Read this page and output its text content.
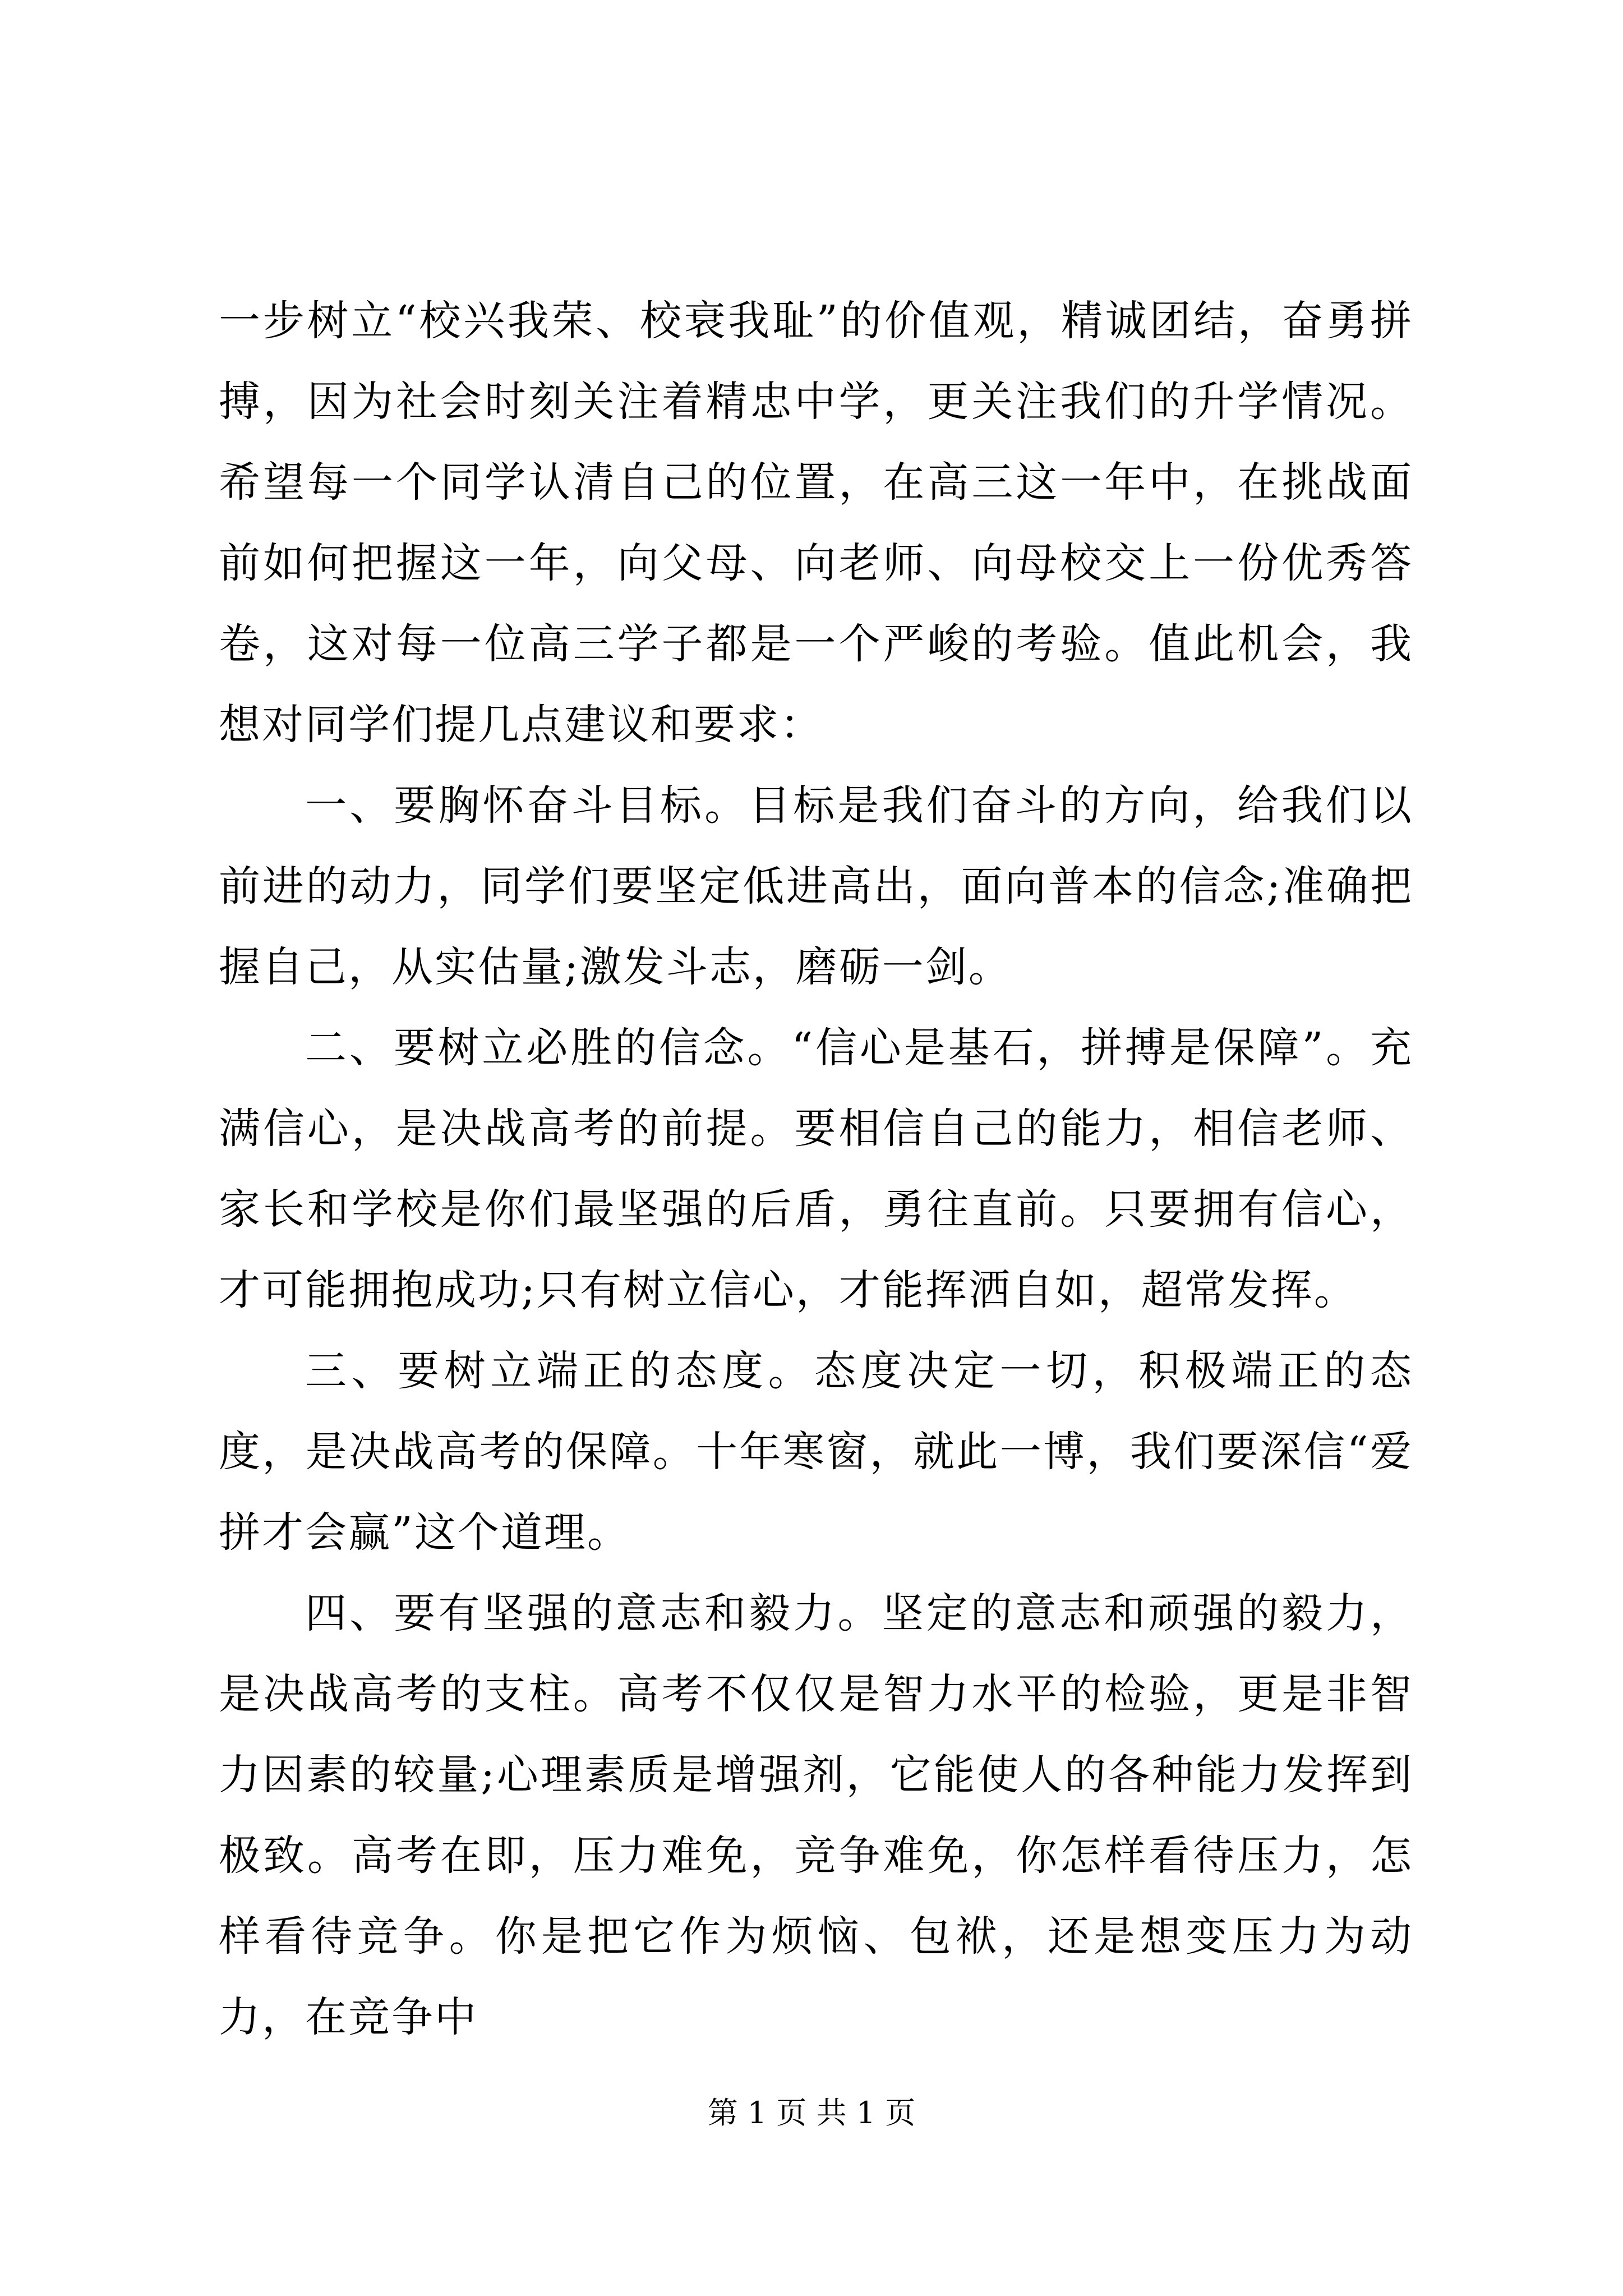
一步树立“校兴我荣、校衰我耻”的价值观，精诚团结，奋勇拼搏，因为社会时刻关注着精忠中学，更关注我们的升学情况。希望每一个同学认清自己的位置，在高三这一年中，在挑战面前如何把握这一年，向父母、向老师、向母校交上一份优秀答卷，这对每一位高三学子都是一个严峻的考验。值此机会，我想对同学们提几点建议和要求：

一、要胸怀奋斗目标。目标是我们奋斗的方向，给我们以前进的动力，同学们要坚定低进高出，面向普本的信念;准确把握自己，从实估量;激发斗志，磨砺一剑。

二、要树立必胜的信念。“信心是基石，拼搏是保障”。充满信心，是决战高考的前提。要相信自己的能力，相信老师、家长和学校是你们最坚强的后盾，勇往直前。只要拥有信心，才可能拥抱成功;只有树立信心，才能挥洒自如，超常发挥。

三、要树立端正的态度。态度决定一切，积极端正的态度，是决战高考的保障。十年寒窗，就此一博，我们要深信“爱拼才会赢”这个道理。

四、要有坚强的意志和毅力。坚定的意志和顽强的毅力，是决战高考的支柱。高考不仅仅是智力水平的检验，更是非智力因素的较量;心理素质是增强剂，它能使人的各种能力发挥到极致。高考在即，压力难免，竞争难免，你怎样看待压力，怎样看待竞争。你是把它作为烦恼、包袱，还是想变压力为动力，在竞争中

第 1 页 共 1 页
